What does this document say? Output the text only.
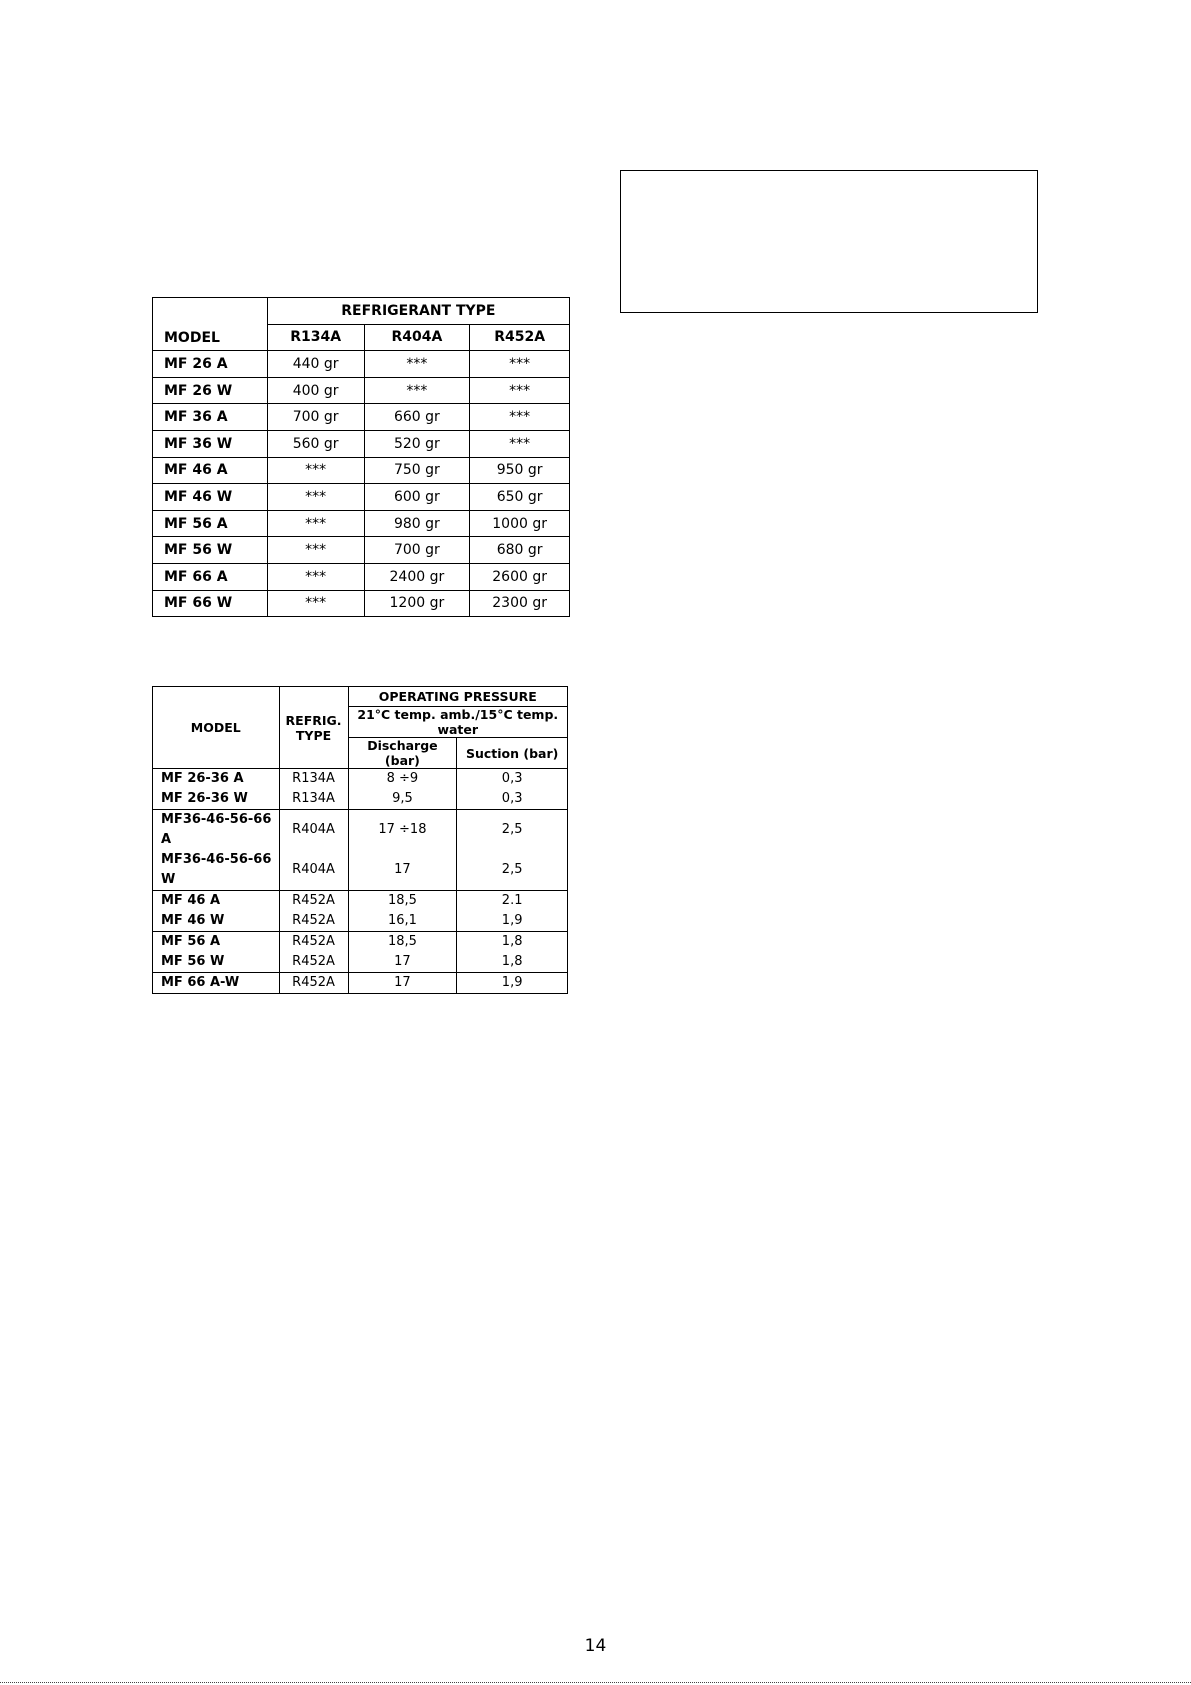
MODEL	REFRIGERANT TYPE		
	R134A	R404A	R452A
MF 26 A	440 gr	***	***
MF 26 W	400 gr	***	***
MF 36 A	700 gr	660 gr	***
MF 36 W	560 gr	520 gr	***
MF 46 A	***	750 gr	950 gr
MF 46 W	***	600 gr	650 gr
MF 56 A	***	980 gr	1000 gr
MF 56 W	***	700 gr	680 gr
MF 66 A	***	2400 gr	2600 gr
MF 66 W	***	1200 gr	2300 gr
MODEL	REFRIG. TYPE	OPERATING PRESSURE	
		21°C temp. amb./15°C temp. water	
		Discharge (bar)	Suction (bar)
MF 26-36 A	R134A	8 ÷9	0,3
MF 26-36 W	R134A	9,5	0,3
MF36-46-56-66 A	R404A	17 ÷18	2,5
MF36-46-56-66 W	R404A	17	2,5
MF 46 A	R452A	18,5	2.1
MF 46 W	R452A	16,1	1,9
MF 56 A	R452A	18,5	1,8
MF 56 W	R452A	17	1,8
MF 66 A-W	R452A	17	1,9
14
